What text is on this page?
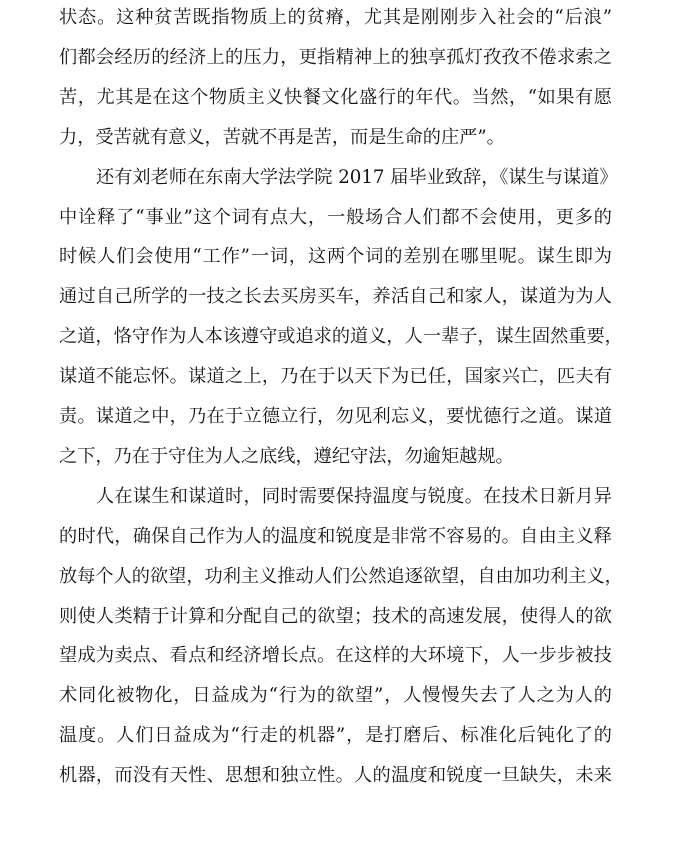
状态。这种贫苦既指物质上的贫瘠，尤其是刚刚步入社会的“后浪”
们都会经历的经济上的压力，更指精神上的独享孤灯孜孜不倦求索之
苦，尤其是在这个物质主义快餐文化盛行的年代。当然，“如果有愿
力，受苦就有意义，苦就不再是苦，而是生命的庄严”。
还有刘老师在东南大学法学院 2017 届毕业致辞，《谋生与谋道》
中诠释了“事业”这个词有点大，一般场合人们都不会使用，更多的
时候人们会使用“工作”一词，这两个词的差别在哪里呢。谋生即为
通过自己所学的一技之长去买房买车，养活自己和家人，谋道为为人
之道，恪守作为人本该遵守或追求的道义，人一辈子，谋生固然重要，
谋道不能忘怀。谋道之上，乃在于以天下为已任，国家兴亡，匹夫有
责。谋道之中，乃在于立德立行，勿见利忘义，要忧德行之道。谋道
之下，乃在于守住为人之底线，遵纪守法，勿逾矩越规。
人在谋生和谋道时，同时需要保持温度与锐度。在技术日新月异
的时代，确保自己作为人的温度和锐度是非常不容易的。自由主义释
放每个人的欲望，功利主义推动人们公然追逐欲望，自由加功利主义，
则使人类精于计算和分配自己的欲望；技术的高速发展，使得人的欲
望成为卖点、看点和经济增长点。在这样的大环境下，人一步步被技
术同化被物化，日益成为“行为的欲望”，人慢慢失去了人之为人的
温度。人们日益成为“行走的机器”，是打磨后、标准化后钝化了的
机器，而没有天性、思想和独立性。人的温度和锐度一旦缺失，未来
